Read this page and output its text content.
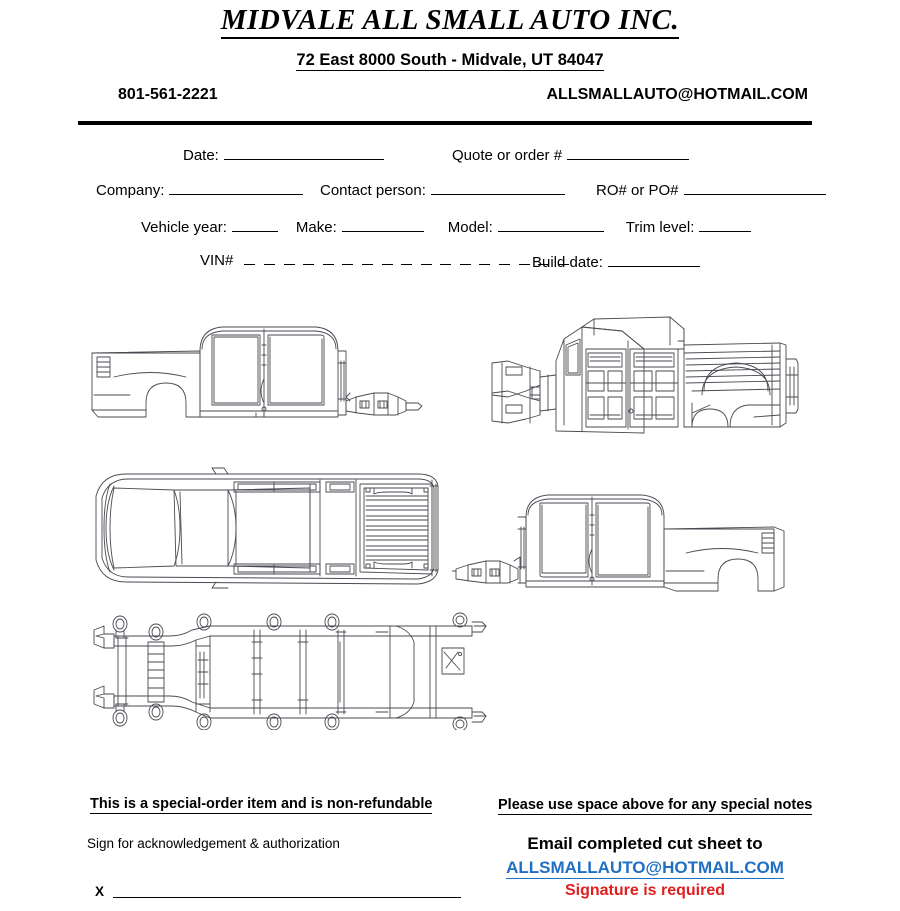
MIDVALE ALL SMALL AUTO INC.
72 East 8000 South - Midvale, UT 84047
801-561-2221	ALLSMALLAUTO@HOTMAIL.COM
Date:	Quote or order #
Company:	Contact person:	RO# or PO#
Vehicle year:	Make:	Model:	Trim level:
VIN#	Build date:
This is a special-order item and is non-refundable
Sign for acknowledgement & authorization
X
Please use space above for any special notes
Email completed cut sheet to
ALLSMALLAUTO@HOTMAIL.COM
Signature is required
